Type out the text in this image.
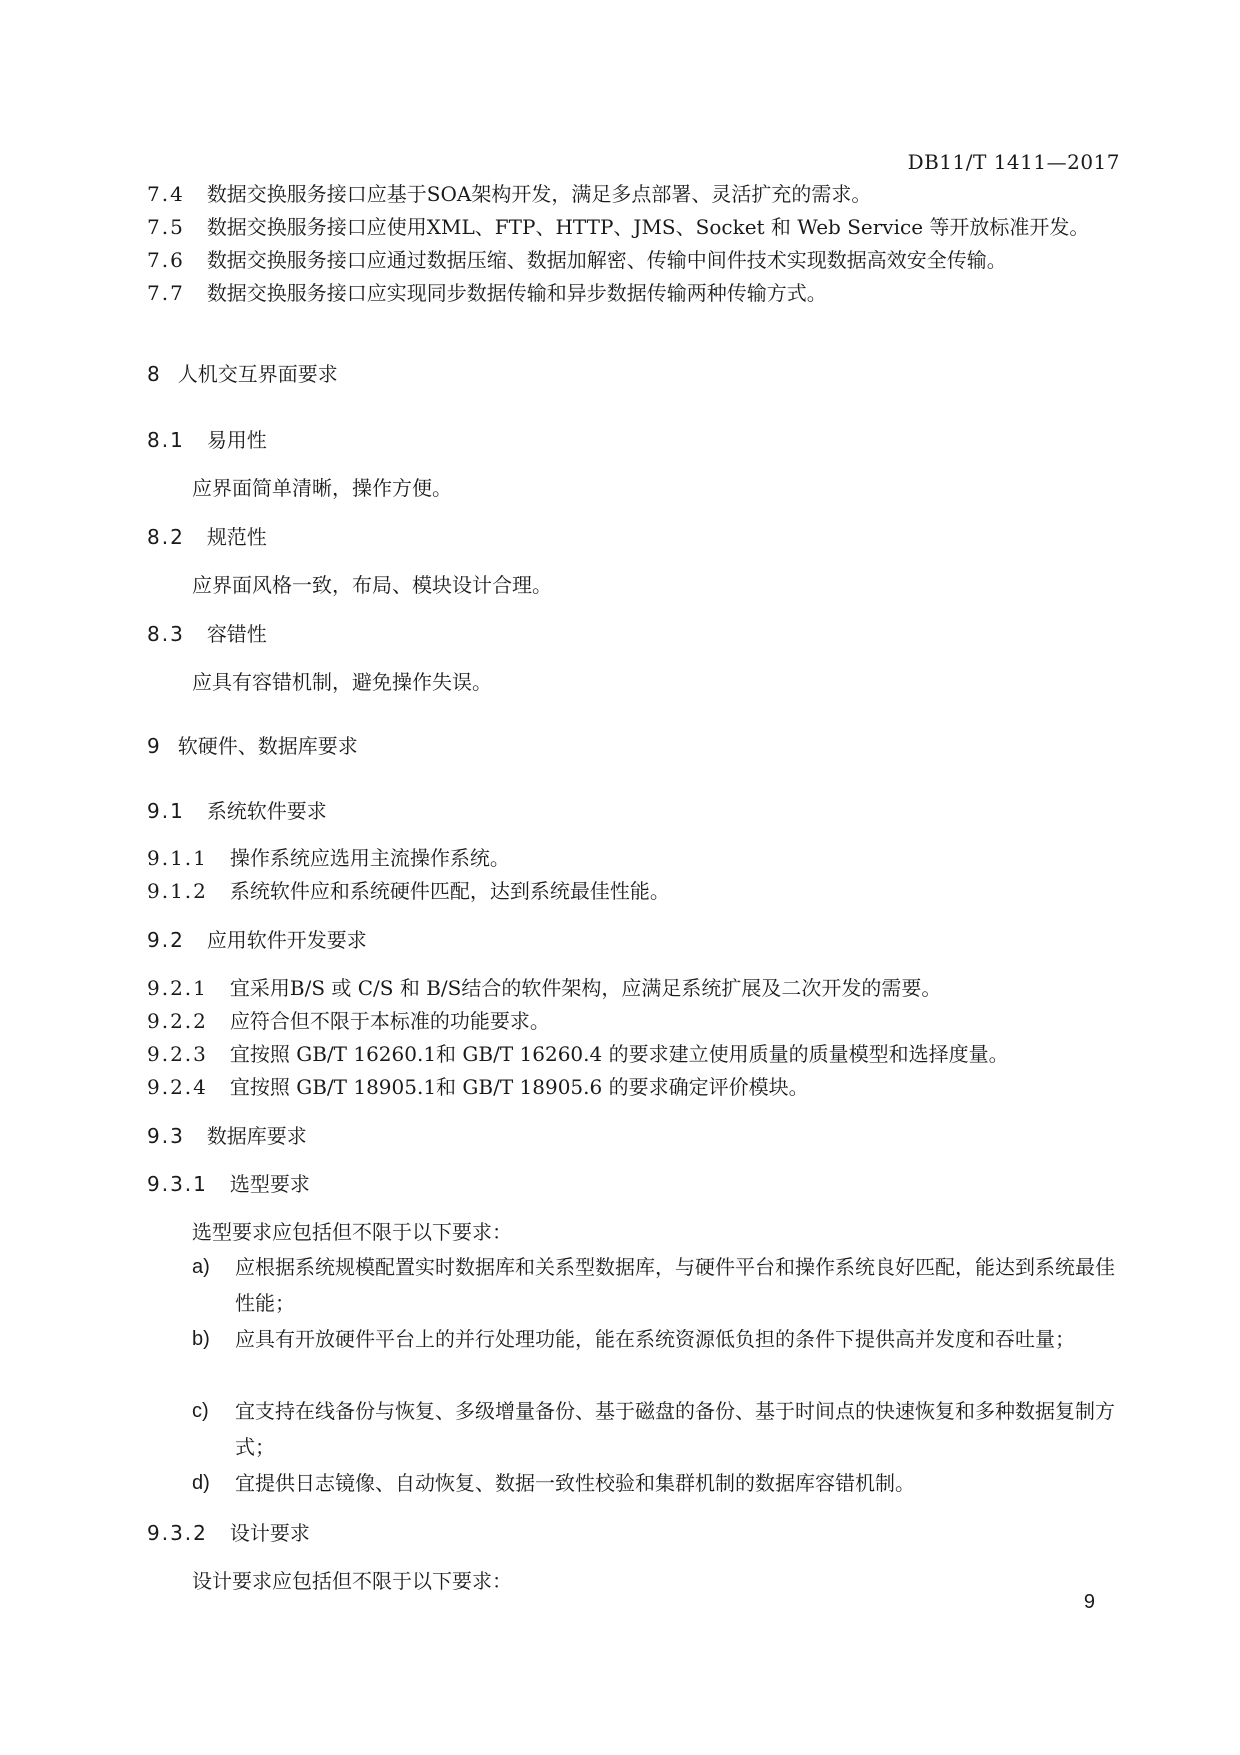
DB11/T 1411—2017
7.4 数据交换服务接口应基于SOA架构开发，满足多点部署、灵活扩充的需求。
7.5 数据交换服务接口应使用XML、FTP、HTTP、JMS、Socket 和 Web Service 等开放标准开发。
7.6 数据交换服务接口应通过数据压缩、数据加解密、传输中间件技术实现数据高效安全传输。
7.7 数据交换服务接口应实现同步数据传输和异步数据传输两种传输方式。
8 人机交互界面要求
8.1 易用性
应界面简单清晰，操作方便。
8.2 规范性
应界面风格一致，布局、模块设计合理。
8.3 容错性
应具有容错机制，避免操作失误。
9 软硬件、数据库要求
9.1 系统软件要求
9.1.1 操作系统应选用主流操作系统。
9.1.2 系统软件应和系统硬件匹配，达到系统最佳性能。
9.2 应用软件开发要求
9.2.1 宜采用B/S 或 C/S 和 B/S结合的软件架构，应满足系统扩展及二次开发的需要。
9.2.2 应符合但不限于本标准的功能要求。
9.2.3 宜按照 GB/T 16260.1和 GB/T 16260.4 的要求建立使用质量的质量模型和选择度量。
9.2.4 宜按照 GB/T 18905.1和 GB/T 18905.6 的要求确定评价模块。
9.3 数据库要求
9.3.1 选型要求
选型要求应包括但不限于以下要求：
a) 应根据系统规模配置实时数据库和关系型数据库，与硬件平台和操作系统良好匹配，能达到系统最佳性能；
b) 应具有开放硬件平台上的并行处理功能，能在系统资源低负担的条件下提供高并发度和吞吐量；
c) 宜支持在线备份与恢复、多级增量备份、基于磁盘的备份、基于时间点的快速恢复和多种数据复制方式；
d) 宜提供日志镜像、自动恢复、数据一致性校验和集群机制的数据库容错机制。
9.3.2 设计要求
设计要求应包括但不限于以下要求：
9
